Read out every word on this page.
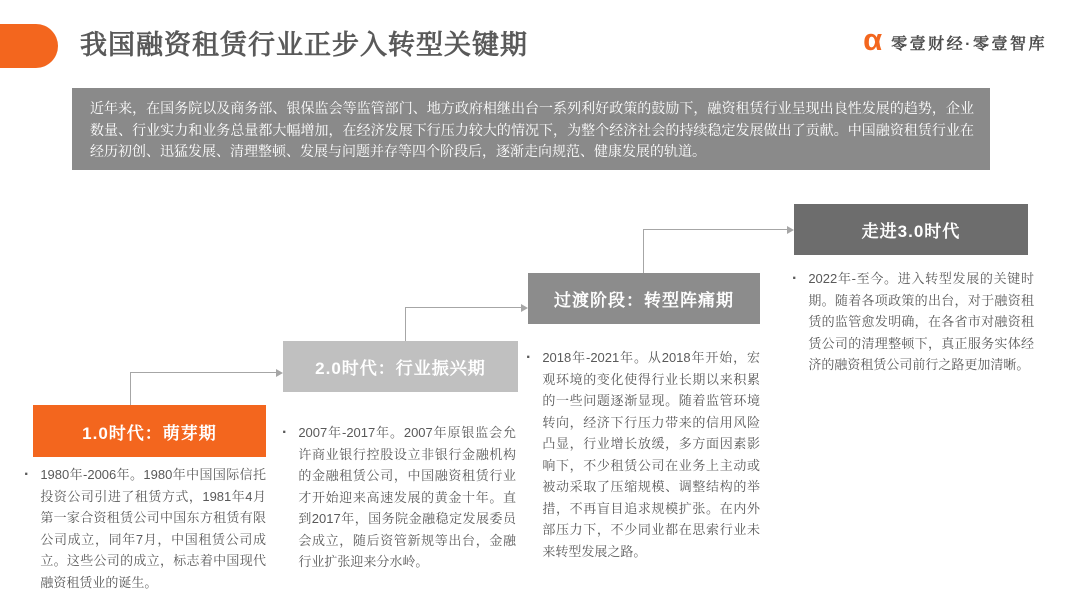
我国融资租赁行业正步入转型关键期	α 零壹财经·零壹智库

近年来，在国务院以及商务部、银保监会等监管部门、地方政府相继出台一系列利好政策的鼓励下，融资租赁行业呈现出良性发展的趋势，企业数量、行业实力和业务总量都大幅增加，在经济发展下行压力较大的情况下，为整个经济社会的持续稳定发展做出了贡献。中国融资租赁行业在经历初创、迅猛发展、清理整顿、发展与问题并存等四个阶段后，逐渐走向规范、健康发展的轨道。

1.0时代：萌芽期
2.0时代：行业振兴期
过渡阶段：转型阵痛期
走进3.0时代
· 1980年-2006年。1980年中国国际信托投资公司引进了租赁方式，1981年4月第一家合资租赁公司中国东方租赁有限公司成立，同年7月，中国租赁公司成立。这些公司的成立，标志着中国现代融资租赁业的诞生。

· 2007年-2017年。2007年原银监会允许商业银行控股设立非银行金融机构的金融租赁公司，中国融资租赁行业才开始迎来高速发展的黄金十年。直到2017年，国务院金融稳定发展委员会成立，随后资管新规等出台，金融行业扩张迎来分水岭。

· 2018年-2021年。从2018年开始，宏观环境的变化使得行业长期以来积累的一些问题逐渐显现。随着监管环境转向，经济下行压力带来的信用风险凸显，行业增长放缓，多方面因素影响下，不少租赁公司在业务上主动或被动采取了压缩规模、调整结构的举措，不再盲目追求规模扩张。在内外部压力下，不少同业都在思索行业未来转型发展之路。

· 2022年-至今。进入转型发展的关键时期。随着各项政策的出台，对于融资租赁的监管愈发明确，在各省市对融资租赁公司的清理整顿下，真正服务实体经济的融资租赁公司前行之路更加清晰。
